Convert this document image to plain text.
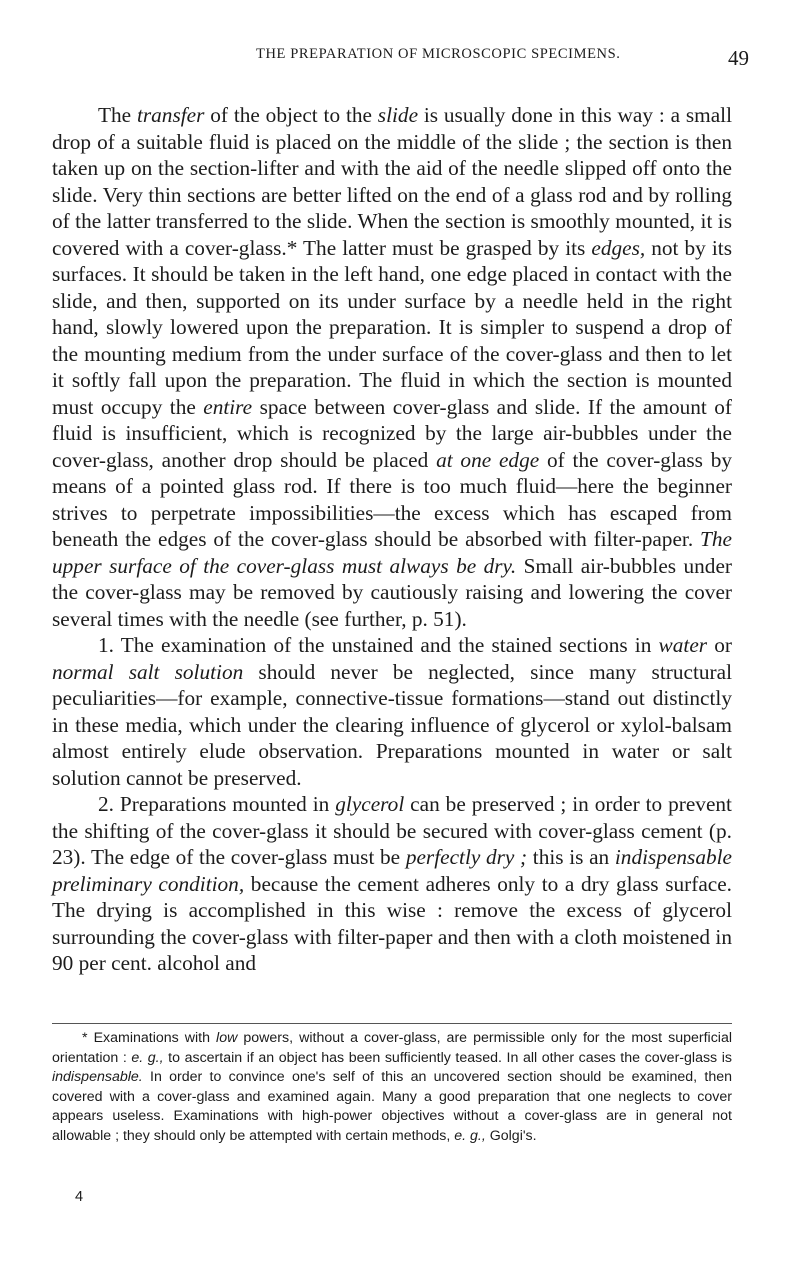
THE PREPARATION OF MICROSCOPIC SPECIMENS.	49

The transfer of the object to the slide is usually done in this way : a small drop of a suitable fluid is placed on the middle of the slide ; the section is then taken up on the section-lifter and with the aid of the needle slipped off onto the slide. Very thin sections are better lifted on the end of a glass rod and by rolling of the latter transferred to the slide. When the section is smoothly mounted, it is covered with a cover-glass.* The latter must be grasped by its edges, not by its surfaces. It should be taken in the left hand, one edge placed in contact with the slide, and then, supported on its under surface by a needle held in the right hand, slowly lowered upon the preparation. It is simpler to suspend a drop of the mounting medium from the under surface of the cover-glass and then to let it softly fall upon the preparation. The fluid in which the section is mounted must occupy the entire space between cover-glass and slide. If the amount of fluid is insufficient, which is recognized by the large air-bubbles under the cover-glass, another drop should be placed at one edge of the cover-glass by means of a pointed glass rod. If there is too much fluid—here the beginner strives to perpetrate impossibilities—the excess which has escaped from beneath the edges of the cover-glass should be absorbed with filter-paper. The upper surface of the cover-glass must always be dry. Small air-bubbles under the cover-glass may be removed by cautiously raising and lowering the cover several times with the needle (see further, p. 51).

1. The examination of the unstained and the stained sections in water or normal salt solution should never be neglected, since many structural peculiarities—for example, connective-tissue formations—stand out distinctly in these media, which under the clearing influence of glycerol or xylol-balsam almost entirely elude observation. Preparations mounted in water or salt solution cannot be preserved.

2. Preparations mounted in glycerol can be preserved ; in order to prevent the shifting of the cover-glass it should be secured with cover-glass cement (p. 23). The edge of the cover-glass must be perfectly dry ; this is an indispensable preliminary condition, because the cement adheres only to a dry glass surface. The drying is accomplished in this wise : remove the excess of glycerol surrounding the cover-glass with filter-paper and then with a cloth moistened in 90 per cent. alcohol and

* Examinations with low powers, without a cover-glass, are permissible only for the most superficial orientation : e. g., to ascertain if an object has been sufficiently teased. In all other cases the cover-glass is indispensable. In order to convince one's self of this an uncovered section should be examined, then covered with a cover-glass and examined again. Many a good preparation that one neglects to cover appears useless. Examinations with high-power objectives without a cover-glass are in general not allowable ; they should only be attempted with certain methods, e. g., Golgi's.

4
